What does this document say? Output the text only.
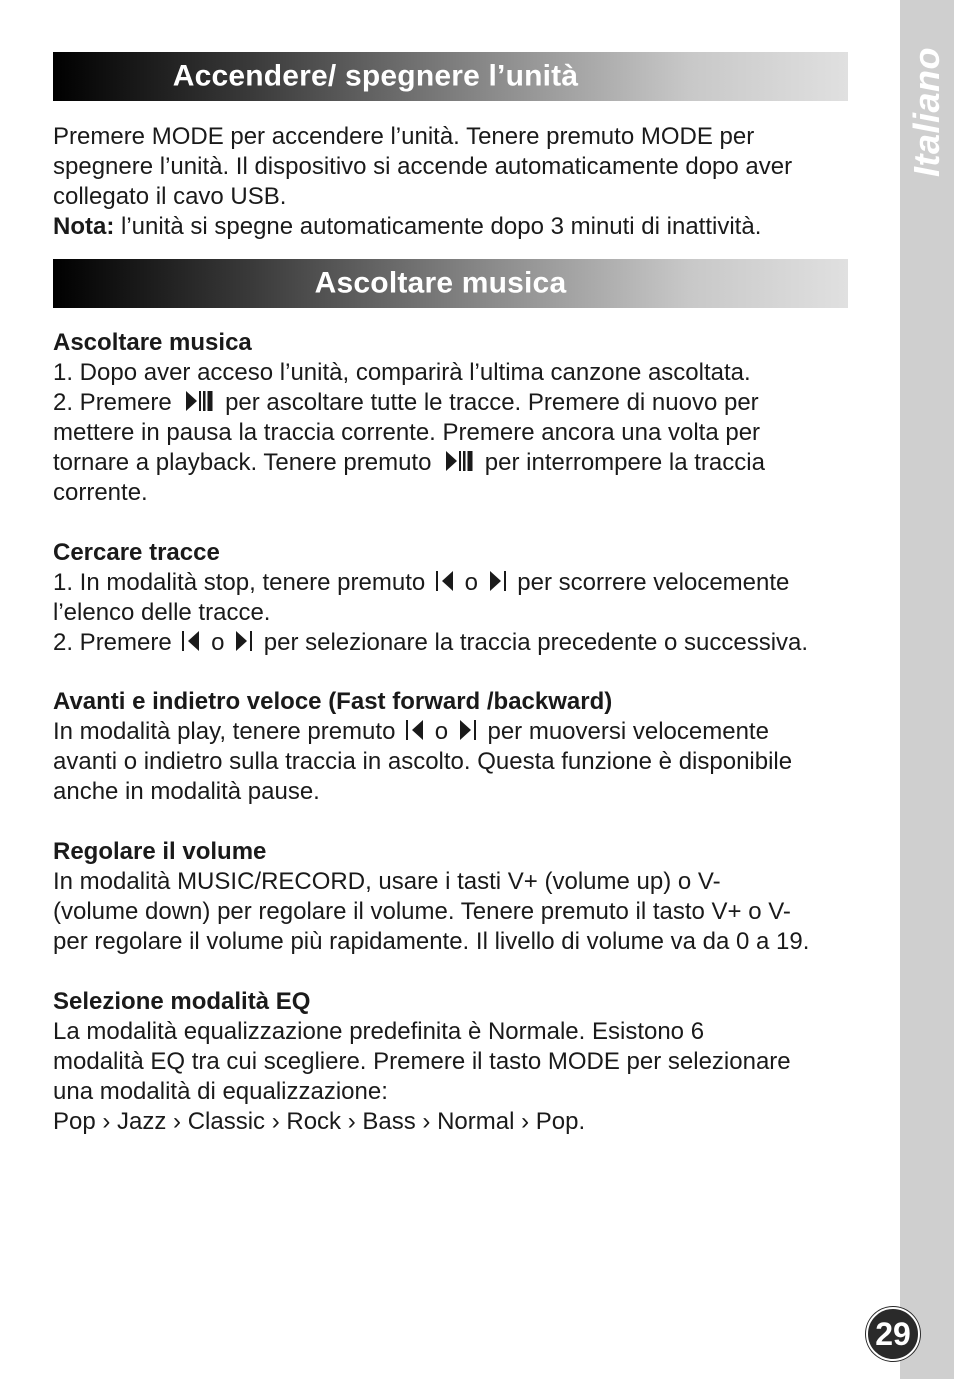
Italiano
29
Accendere/ spegnere l’unità

Premere MODE per accendere l’unità. Tenere premuto MODE per

spegnere l’unità. Il dispositivo si accende automaticamente dopo aver

collegato il cavo USB.

Nota: l’unità si spegne automaticamente dopo 3 minuti di inattività.

Ascoltare musica

Ascoltare musica

1. Dopo aver acceso l’unità, comparirà l’ultima canzone ascoltata.

2. Premere per ascoltare tutte le tracce. Premere di nuovo per

mettere in pausa la traccia corrente. Premere ancora una volta per

tornare a playback. Tenere premuto per interrompere la traccia

corrente.

Cercare tracce

1. In modalità stop, tenere premuto o per scorrere velocemente

l’elenco delle tracce.

2. Premere o per selezionare la traccia precedente o successiva.

Avanti e indietro veloce (Fast forward /backward)

In modalità play, tenere premuto o per muoversi velocemente

avanti o indietro sulla traccia in ascolto. Questa funzione è disponibile

anche in modalità pause.

Regolare il volume

In modalità MUSIC/RECORD, usare i tasti V+ (volume up) o V-

(volume down) per regolare il volume. Tenere premuto il tasto V+ o V-

per regolare il volume più rapidamente. Il livello di volume va da 0 a 19.

Selezione modalità EQ

La modalità equalizzazione predefinita è Normale. Esistono 6

modalità EQ tra cui scegliere. Premere il tasto MODE per selezionare

una modalità di equalizzazione:

Pop › Jazz › Classic › Rock › Bass › Normal › Pop.
